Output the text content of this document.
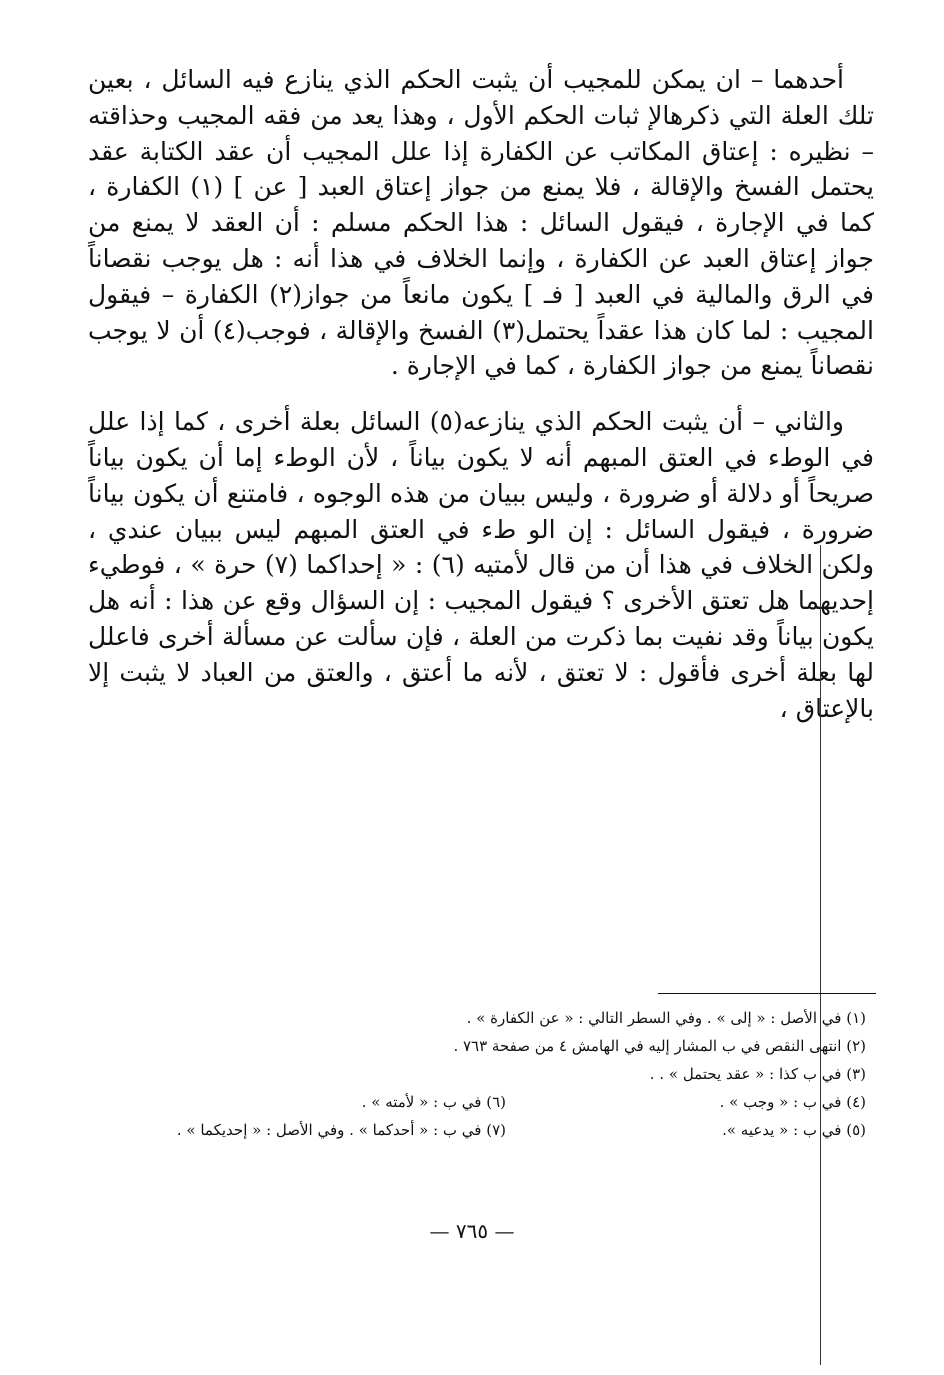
أحدهما – ان يمكن للمجيب أن يثبت الحكم الذي ينازع فيه السائل ، بعين تلك العلة التي ذكرهالإ ثبات الحكم الأول ، وهذا يعد من فقه المجيب وحذاقته – نظيره : إعتاق المكاتب عن الكفارة إذا علل المجيب أن عقد الكتابة عقد يحتمل الفسخ والإقالة ، فلا يمنع من جواز إعتاق العبد [ عن ] (١) الكفارة ، كما في الإجارة ، فيقول السائل : هذا الحكم مسلم : أن العقد لا يمنع من جواز إعتاق العبد عن الكفارة ، وإنما الخلاف في هذا أنه : هل يوجب نقصاناً في الرق والمالية في العبد [ فـ ] يكون مانعاً من جواز(٢) الكفارة – فيقول المجيب : لما كان هذا عقداً يحتمل(٣) الفسخ والإقالة ، فوجب(٤) أن لا يوجب نقصاناً يمنع من جواز الكفارة ، كما في الإجارة .

والثاني – أن يثبت الحكم الذي ينازعه(٥) السائل بعلة أخرى ، كما إذا علل في الوطء في العتق المبهم أنه لا يكون بياناً ، لأن الوطء إما أن يكون بياناً صريحاً أو دلالة أو ضرورة ، وليس ببيان من هذه الوجوه ، فامتنع أن يكون بياناً ضرورة ، فيقول السائل : إن الو طء في العتق المبهم ليس ببيان عندي ، ولكن الخلاف في هذا أن من قال لأمتيه (٦) : « إحداكما (٧) حرة » ، فوطيء إحديهما هل تعتق الأخرى ؟ فيقول المجيب : إن السؤال وقع عن هذا : أنه هل يكون بياناً وقد نفيت بما ذكرت من العلة ، فإن سألت عن مسألة أخرى فاعلل لها بعلة أخرى فأقول : لا تعتق ، لأنه ما أعتق ، والعتق من العباد لا يثبت إلا بالإعتاق ،

(١) في الأصل : « إلى » . وفي السطر التالي : « عن الكفارة » .
(٢) انتهى النقص في ب المشار إليه في الهامش ٤ من صفحة ٧٦٣ .
(٣) في ب كذا : « عقد يحتمل » . .
(٤) في ب : « وجب » .
(٦) في ب : « لأمته » .
(٥) في ب : « يدعيه ».
(٧) في ب : « أحدكما » . وفي الأصل : « إحديكما » .
— ٧٦٥ —
